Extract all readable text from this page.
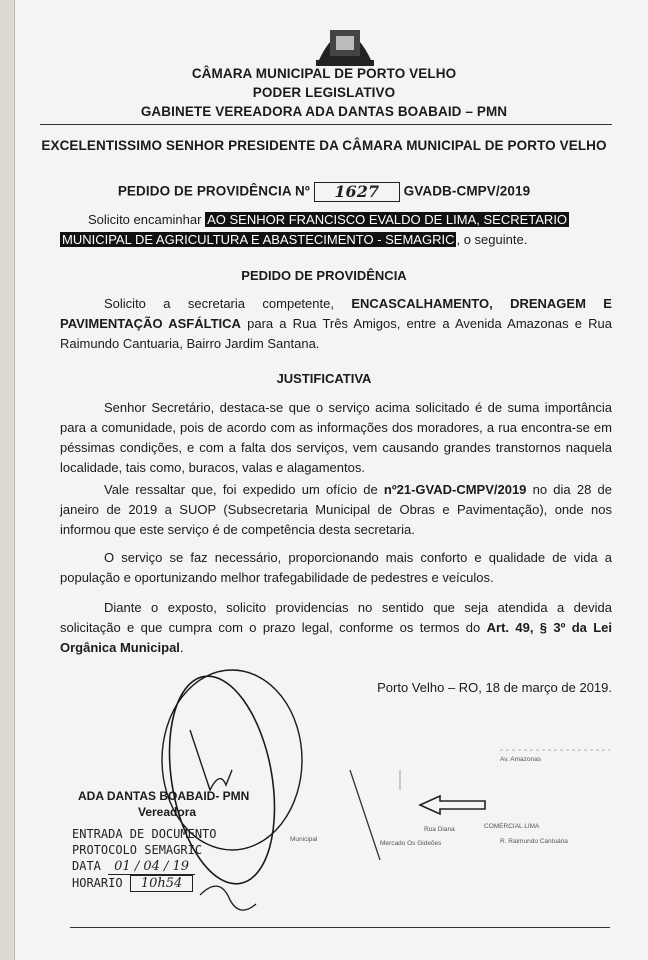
CÂMARA MUNICIPAL DE PORTO VELHO
PODER LEGISLATIVO
GABINETE VEREADORA ADA DANTAS BOABAID – PMN
EXCELENTISSIMO SENHOR PRESIDENTE DA CÂMARA MUNICIPAL DE PORTO VELHO
PEDIDO DE PROVIDÊNCIA Nº 1627 GVADB-CMPV/2019
Solicito encaminhar AO SENHOR FRANCISCO EVALDO DE LIMA, SECRETARIO
MUNICIPAL DE AGRICULTURA E ABASTECIMENTO - SEMAGRIC , o seguinte.
PEDIDO DE PROVIDÊNCIA
Solicito a secretaria competente, ENCASCALHAMENTO, DRENAGEM E PAVIMENTAÇÃO ASFÁLTICA para a Rua Três Amigos, entre a Avenida Amazonas e Rua Raimundo Cantuaria, Bairro Jardim Santana.
JUSTIFICATIVA
Senhor Secretário, destaca-se que o serviço acima solicitado é de suma importância para a comunidade, pois de acordo com as informações dos moradores, a rua encontra-se em péssimas condições, e com a falta dos serviços, vem causando grandes transtornos naquela localidade, tais como, buracos, valas e alagamentos.
Vale ressaltar que, foi expedido um ofício de nº21-GVAD-CMPV/2019 no dia 28 de janeiro de 2019 a SUOP (Subsecretaria Municipal de Obras e Pavimentação), onde nos informou que este serviço é de competência desta secretaria.
O serviço se faz necessário, proporcionando mais conforto e qualidade de vida a população e oportunizando melhor trafegabilidade de pedestres e veículos.
Diante o exposto, solicito providencias no sentido que seja atendida a devida solicitação e que cumpra com o prazo legal, conforme os termos do Art. 49, § 3º da Lei Orgânica Municipal.
Porto Velho – RO, 18 de março de 2019.
Rua Diana	COMERCIAL LIMA
Mercado Os Gideões
Municipal	R. Raimundo Cantuária
Av. Amazonas
ADA DANTAS BOABAID- PMN
Vereadora
ENTRADA DE DOCUMENTO
PROTOCOLO SEMAGRIC
DATA 01 / 04 / 19
HORARIO 10h54
